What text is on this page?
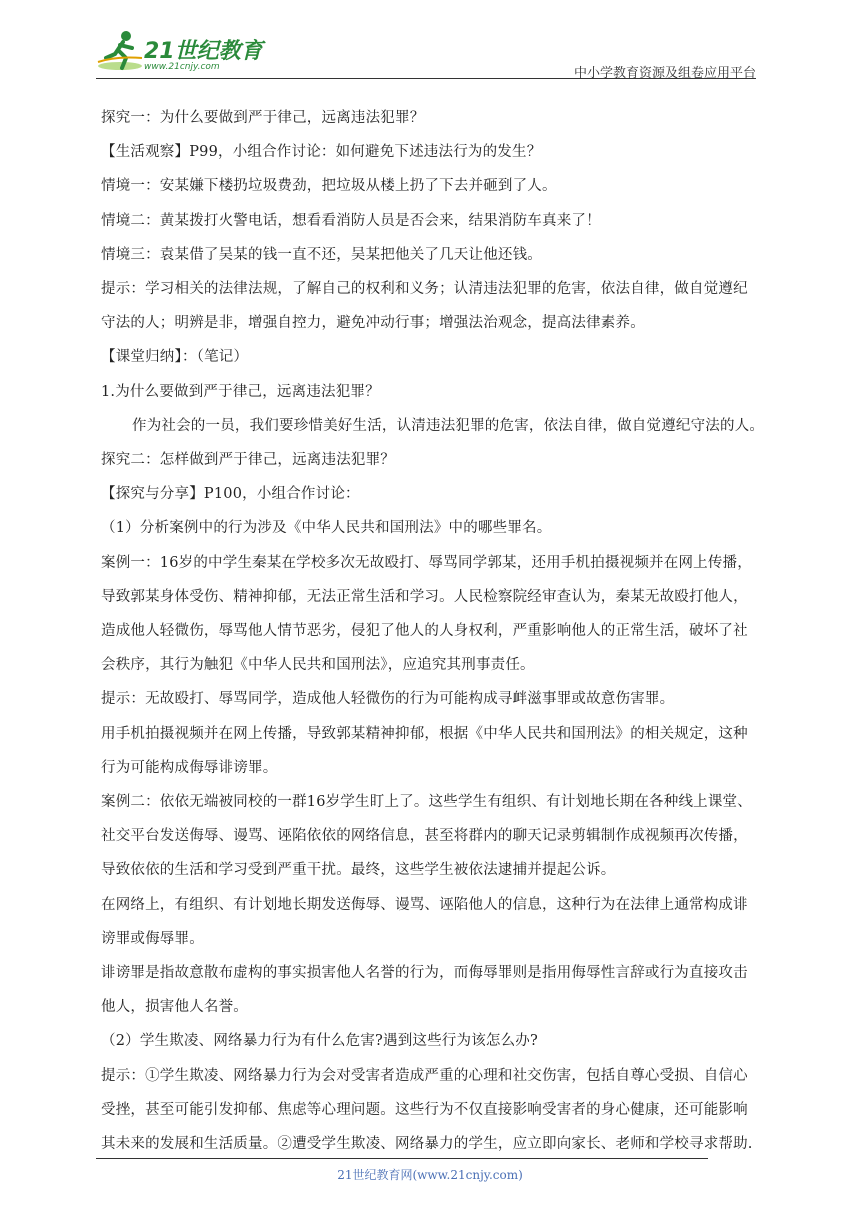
21世纪教育
www.21cnjy.com	中小学教育资源及组卷应用平台
探究一：为什么要做到严于律己，远离违法犯罪？
【生活观察】P99，小组合作讨论：如何避免下述违法行为的发生？
情境一：安某嫌下楼扔垃圾费劲，把垃圾从楼上扔了下去并砸到了人。
情境二：黄某拨打火警电话，想看看消防人员是否会来，结果消防车真来了！
情境三：袁某借了吴某的钱一直不还，吴某把他关了几天让他还钱。
提示：学习相关的法律法规，了解自己的权利和义务；认清违法犯罪的危害，依法自律，做自觉遵纪
守法的人；明辨是非，增强自控力，避免冲动行事；增强法治观念，提高法律素养。
【课堂归纳】：（笔记）
1.为什么要做到严于律己，远离违法犯罪？
作为社会的一员，我们要珍惜美好生活，认清违法犯罪的危害，依法自律，做自觉遵纪守法的人。
探究二：怎样做到严于律己，远离违法犯罪？
【探究与分享】P100，小组合作讨论：
（1）分析案例中的行为涉及《中华人民共和国刑法》中的哪些罪名。
案例一：16岁的中学生秦某在学校多次无故殴打、辱骂同学郭某，还用手机拍摄视频并在网上传播，
导致郭某身体受伤、精神抑郁，无法正常生活和学习。人民检察院经审查认为，秦某无故殴打他人，
造成他人轻微伤，辱骂他人情节恶劣，侵犯了他人的人身权利，严重影响他人的正常生活，破坏了社
会秩序，其行为触犯《中华人民共和国刑法》，应追究其刑事责任。
提示：无故殴打、辱骂同学，造成他人轻微伤的行为可能构成寻衅滋事罪或故意伤害罪。
用手机拍摄视频并在网上传播，导致郭某精神抑郁，根据《中华人民共和国刑法》的相关规定，这种
行为可能构成侮辱诽谤罪。
案例二：依依无端被同校的一群16岁学生盯上了。这些学生有组织、有计划地长期在各种线上课堂、
社交平台发送侮辱、谩骂、诬陷依依的网络信息，甚至将群内的聊天记录剪辑制作成视频再次传播，
导致依依的生活和学习受到严重干扰。最终，这些学生被依法逮捕并提起公诉。
在网络上，有组织、有计划地长期发送侮辱、谩骂、诬陷他人的信息，这种行为在法律上通常构成诽
谤罪或侮辱罪。
诽谤罪是指故意散布虚构的事实损害他人名誉的行为，而侮辱罪则是指用侮辱性言辞或行为直接攻击
他人，损害他人名誉。
（2）学生欺凌、网络暴力行为有什么危害?遇到这些行为该怎么办?
提示：①学生欺凌、网络暴力行为会对受害者造成严重的心理和社交伤害，包括自尊心受损、自信心
受挫，甚至可能引发抑郁、焦虑等心理问题。这些行为不仅直接影响受害者的身心健康，还可能影响
其未来的发展和生活质量。②遭受学生欺凌、网络暴力的学生，应立即向家长、老师和学校寻求帮助.
21世纪教育网(www.21cnjy.com)
